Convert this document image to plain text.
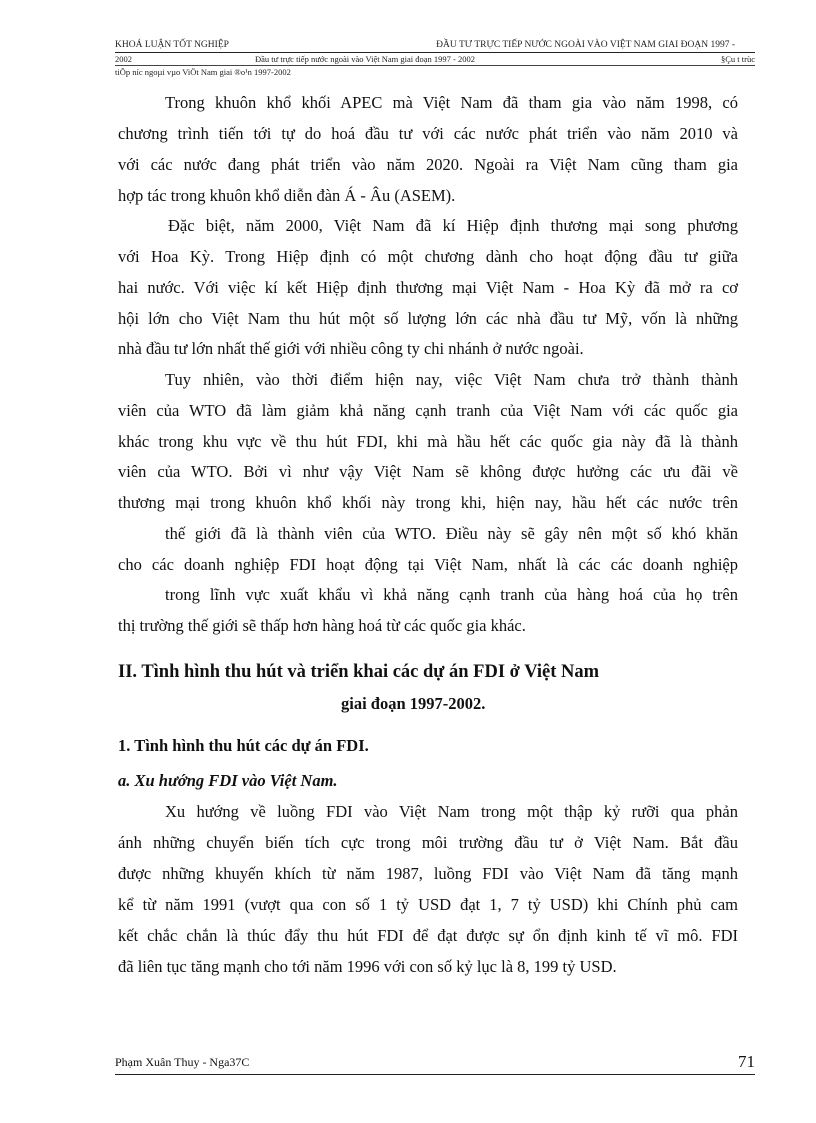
KHOÁ LUẬN TỐT NGHIỆP	ĐẦU TƯ TRỰC TIẾP NƯỚC NGOÀI VÀO VIỆT NAM GIAI ĐOẠN 1997 -
2002	Đầu tư trực tiếp nước ngoài vào Việt Nam giai đoạn 1997 - 2002	§Çu t trùc
tiÕp níc ngoµi vµo ViÖt Nam giai ®o¹n 1997-2002
Trong khuôn khổ khối APEC mà Việt Nam đã tham gia vào năm 1998, có
chương trình tiến tới tự do hoá đầu tư với các nước phát triển vào năm 2010 và
với các nước đang phát triển vào năm 2020. Ngoài ra Việt Nam cũng tham gia
hợp tác trong khuôn khổ diễn đàn Á - Âu (ASEM).
Đặc biệt, năm 2000, Việt Nam đã kí Hiệp định thương mại song phương
với Hoa Kỳ. Trong Hiệp định có một chương dành cho hoạt động đầu tư giữa
hai nước. Với việc kí kết Hiệp định thương mại Việt Nam - Hoa Kỳ đã mở ra cơ
hội lớn cho Việt Nam thu hút một số lượng lớn các nhà đầu tư Mỹ, vốn là những
nhà đầu tư lớn nhất thế giới với nhiều công ty chi nhánh ở nước ngoài.
Tuy nhiên, vào thời điểm hiện nay, việc Việt Nam chưa trở thành thành
viên của WTO đã làm giảm khả năng cạnh tranh của Việt Nam với các quốc gia
khác trong khu vực về thu hút FDI, khi mà hầu hết các quốc gia này đã là thành
viên của WTO. Bởi vì như vậy Việt Nam sẽ không được hưởng các ưu đãi về
thương mại trong khuôn khổ khối này trong khi, hiện nay, hầu hết các nước trên
thế giới đã là thành viên của WTO. Điều này sẽ gây nên một số khó khăn
cho các doanh nghiệp FDI hoạt động tại Việt Nam, nhất là các các doanh nghiệp
trong lĩnh vực xuất khẩu vì khả năng cạnh tranh của hàng hoá của họ trên
thị trường thế giới sẽ thấp hơn hàng hoá từ các quốc gia khác.
II. Tình hình thu hút và triển khai các dự án FDI ở Việt Nam
giai đoạn 1997-2002.
1. Tình hình thu hút các dự án FDI.
a. Xu hướng FDI vào Việt Nam.
Xu hướng về luồng FDI vào Việt Nam trong một thập kỷ rưỡi qua phản
ánh những chuyển biến tích cực trong môi trường đầu tư ở Việt Nam. Bắt đầu
được những khuyến khích từ năm 1987, luồng FDI vào Việt Nam đã tăng mạnh
kể từ năm 1991 (vượt qua con số 1 tỷ USD đạt 1, 7 tỷ USD) khi Chính phủ cam
kết chắc chắn là thúc đẩy thu hút FDI để đạt được sự ổn định kinh tế vĩ mô. FDI
đã liên tục tăng mạnh cho tới năm 1996 với con số kỷ lục là 8, 199 tỷ USD.
Phạm Xuân Thuy - Nga37C	71
